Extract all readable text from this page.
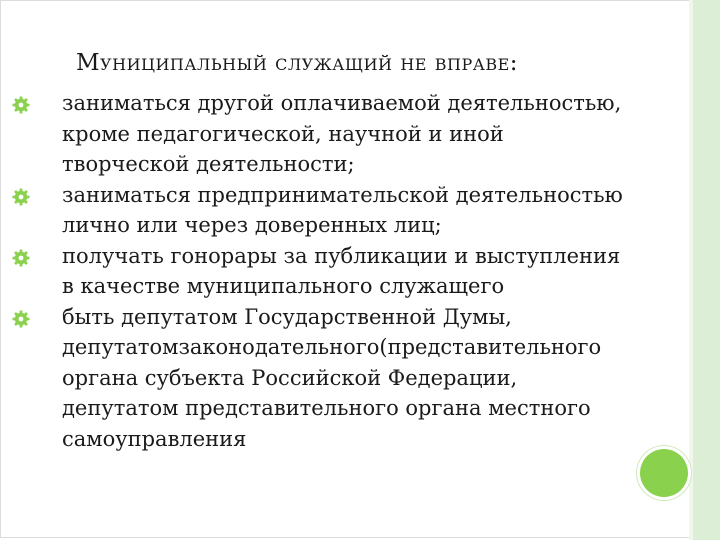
Муниципальный служащий не вправе:
заниматься другой оплачиваемой деятельностью, кроме педагогической, научной и иной творческой деятельности;
заниматься предпринимательской деятельностью лично или через доверенных лиц;
получать гонорары за публикации и выступления в качестве муниципального служащего
быть депутатом Государственной Думы, депутатомзаконодательного(представительного органа субъекта Российской Федерации, депутатом представительного органа местного самоуправления
